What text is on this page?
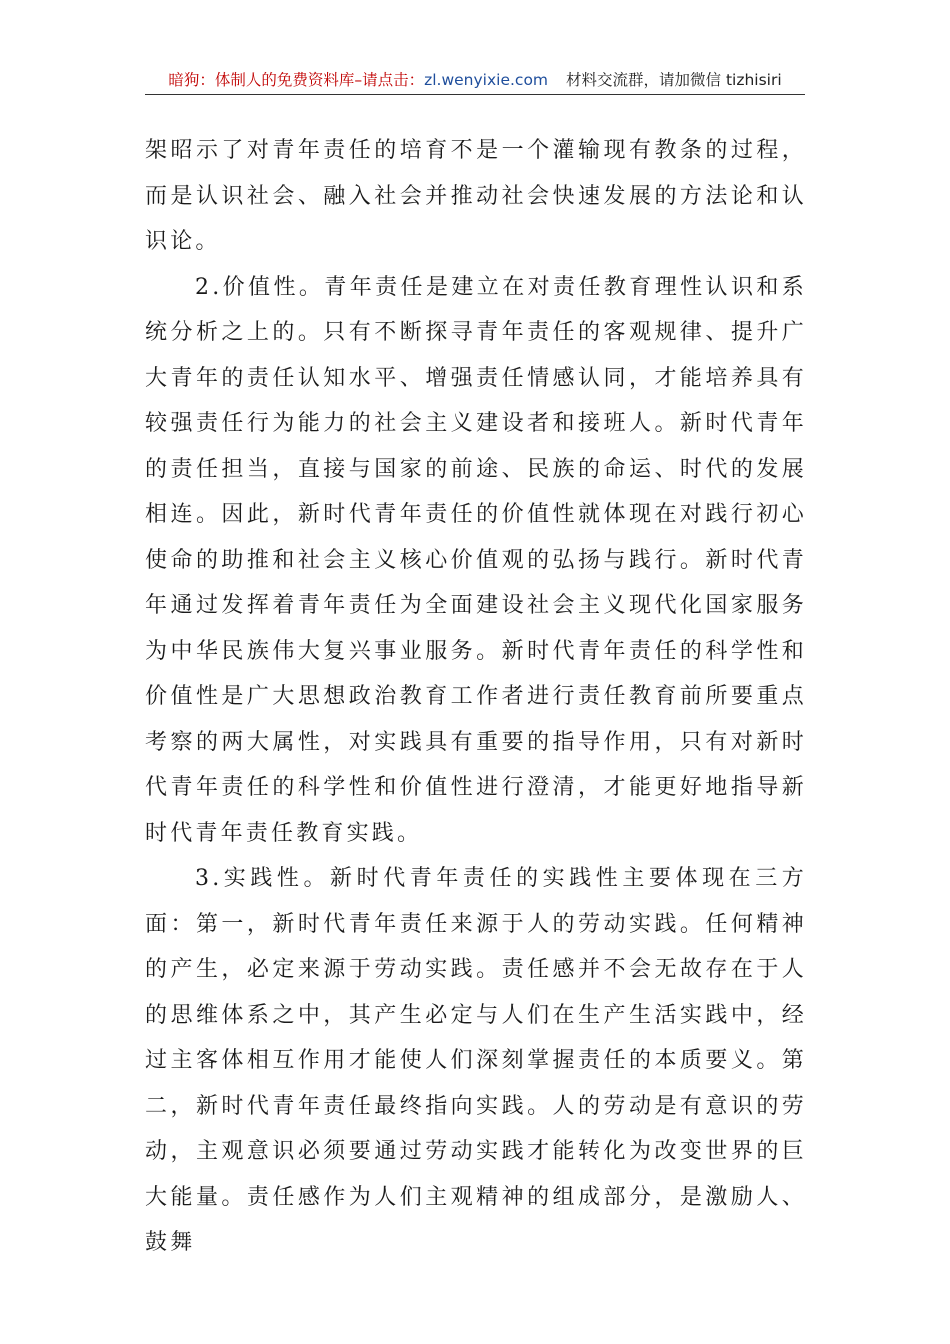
暗狗：体制人的免费资料库–请点击：zl.wenyixie.com 材料交流群，请加微信 tizhisiri

架昭示了对青年责任的培育不是一个灌输现有教条的过程，而是认识社会、融入社会并推动社会快速发展的方法论和认识论。

2.价值性。青年责任是建立在对责任教育理性认识和系统分析之上的。只有不断探寻青年责任的客观规律、提升广大青年的责任认知水平、增强责任情感认同，才能培养具有较强责任行为能力的社会主义建设者和接班人。新时代青年的责任担当，直接与国家的前途、民族的命运、时代的发展相连。因此，新时代青年责任的价值性就体现在对践行初心使命的助推和社会主义核心价值观的弘扬与践行。新时代青年通过发挥着青年责任为全面建设社会主义现代化国家服务为中华民族伟大复兴事业服务。新时代青年责任的科学性和价值性是广大思想政治教育工作者进行责任教育前所要重点考察的两大属性，对实践具有重要的指导作用，只有对新时代青年责任的科学性和价值性进行澄清，才能更好地指导新时代青年责任教育实践。

3.实践性。新时代青年责任的实践性主要体现在三方面：第一，新时代青年责任来源于人的劳动实践。任何精神的产生，必定来源于劳动实践。责任感并不会无故存在于人的思维体系之中，其产生必定与人们在生产生活实践中，经过主客体相互作用才能使人们深刻掌握责任的本质要义。第二，新时代青年责任最终指向实践。人的劳动是有意识的劳动，主观意识必须要通过劳动实践才能转化为改变世界的巨大能量。责任感作为人们主观精神的组成部分，是激励人、鼓舞
